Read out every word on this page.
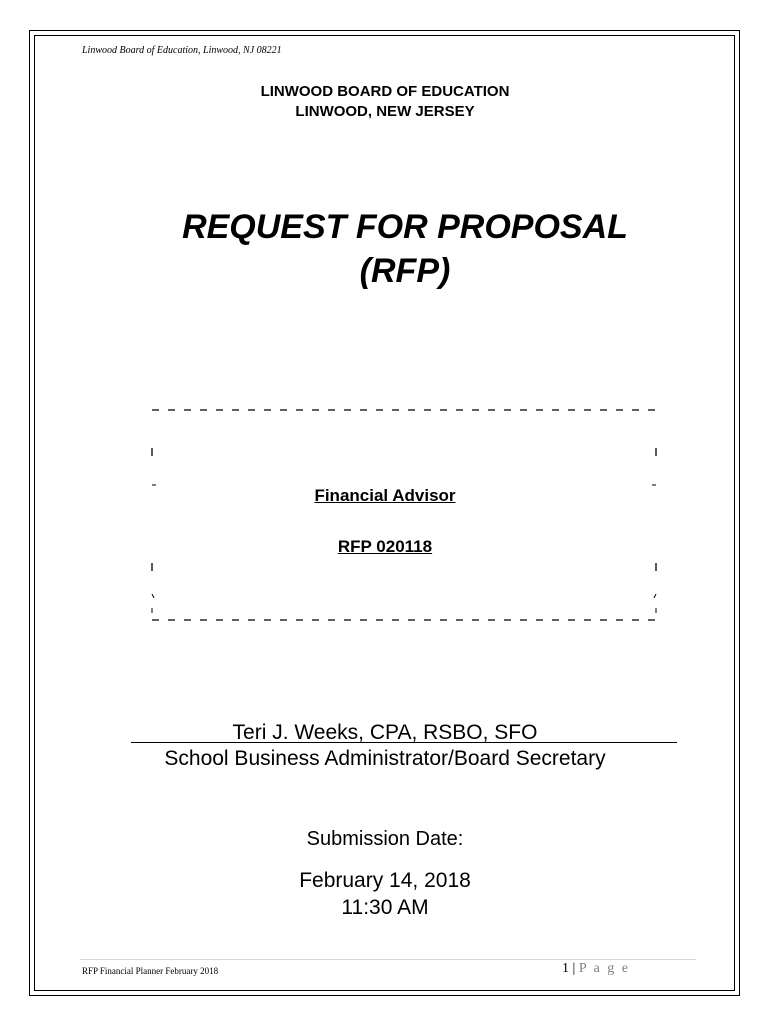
Linwood Board of Education, Linwood, NJ 08221
LINWOOD BOARD OF EDUCATION
LINWOOD, NEW JERSEY
REQUEST FOR PROPOSAL
(RFP)
Financial Advisor
RFP 020118
Teri J. Weeks, CPA, RSBO, SFO
School Business Administrator/Board Secretary
Submission Date:
February 14, 2018
11:30 AM
RFP Financial Planner February 2018	1 | P a g e
